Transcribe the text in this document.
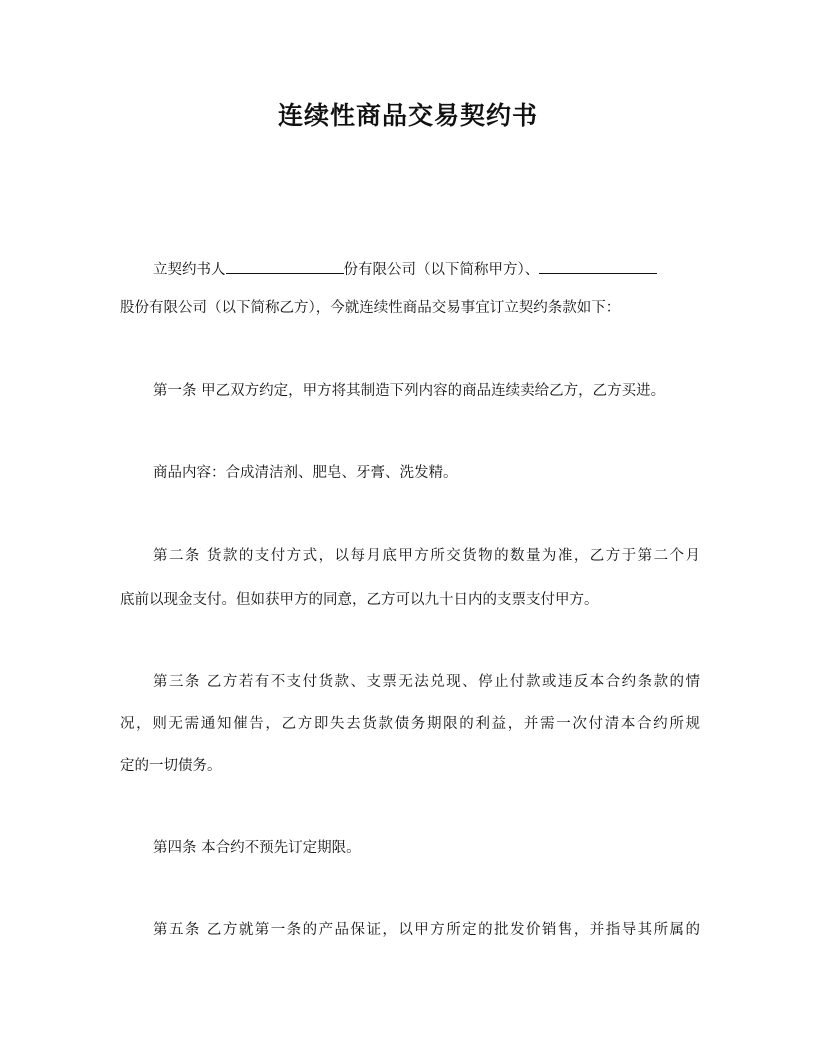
连续性商品交易契约书
立契约书人	份有限公司（以下简称甲方）、
股份有限公司（以下简称乙方），今就连续性商品交易事宜订立契约条款如下：
第一条 甲乙双方约定，甲方将其制造下列内容的商品连续卖给乙方，乙方买进。
商品内容：合成清洁剂、肥皂、牙膏、洗发精。
第二条 货款的支付方式，以每月底甲方所交货物的数量为准，乙方于第二个月
底前以现金支付。但如获甲方的同意，乙方可以九十日内的支票支付甲方。
第三条 乙方若有不支付货款、支票无法兑现、停止付款或违反本合约条款的情
况，则无需通知催告，乙方即失去货款债务期限的利益，并需一次付清本合约所规
定的一切债务。
第四条 本合约不预先订定期限。
第五条 乙方就第一条的产品保证，以甲方所定的批发价销售，并指导其所属的
